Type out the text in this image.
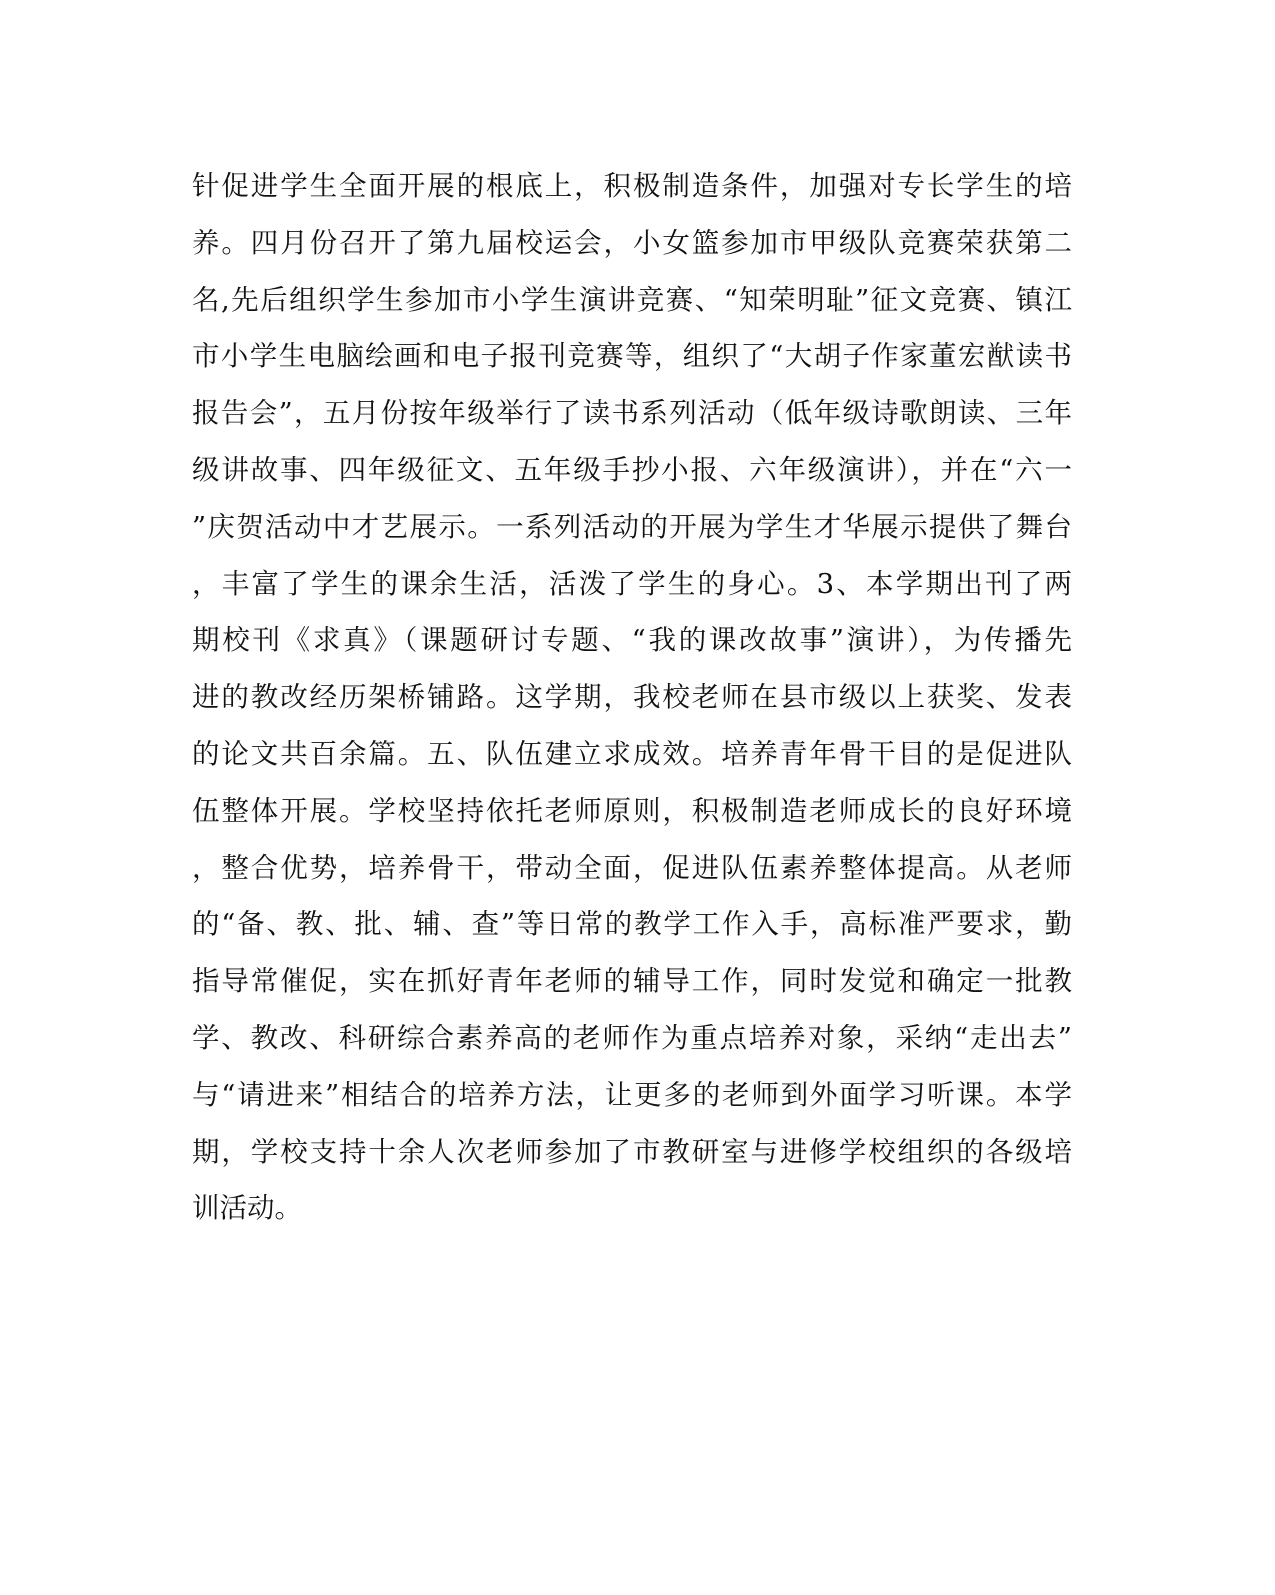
针促进学生全面开展的根底上，积极制造条件，加强对专长学生的培
养。四月份召开了第九届校运会，小女篮参加市甲级队竞赛荣获第二
名,先后组织学生参加市小学生演讲竞赛、“知荣明耻”征文竞赛、镇江
市小学生电脑绘画和电子报刊竞赛等，组织了“大胡子作家董宏猷读书
报告会”，五月份按年级举行了读书系列活动（低年级诗歌朗读、三年
级讲故事、四年级征文、五年级手抄小报、六年级演讲），并在“六一
”庆贺活动中才艺展示。一系列活动的开展为学生才华展示提供了舞台
，丰富了学生的课余生活，活泼了学生的身心。3、本学期出刊了两
期校刊《求真》（课题研讨专题、“我的课改故事”演讲），为传播先
进的教改经历架桥铺路。这学期，我校老师在县市级以上获奖、发表
的论文共百余篇。五、队伍建立求成效。培养青年骨干目的是促进队
伍整体开展。学校坚持依托老师原则，积极制造老师成长的良好环境
，整合优势，培养骨干，带动全面，促进队伍素养整体提高。从老师
的“备、教、批、辅、查”等日常的教学工作入手，高标准严要求，勤
指导常催促，实在抓好青年老师的辅导工作，同时发觉和确定一批教
学、教改、科研综合素养高的老师作为重点培养对象，采纳“走出去”
与“请进来”相结合的培养方法，让更多的老师到外面学习听课。本学
期，学校支持十余人次老师参加了市教研室与进修学校组织的各级培
训活动。
